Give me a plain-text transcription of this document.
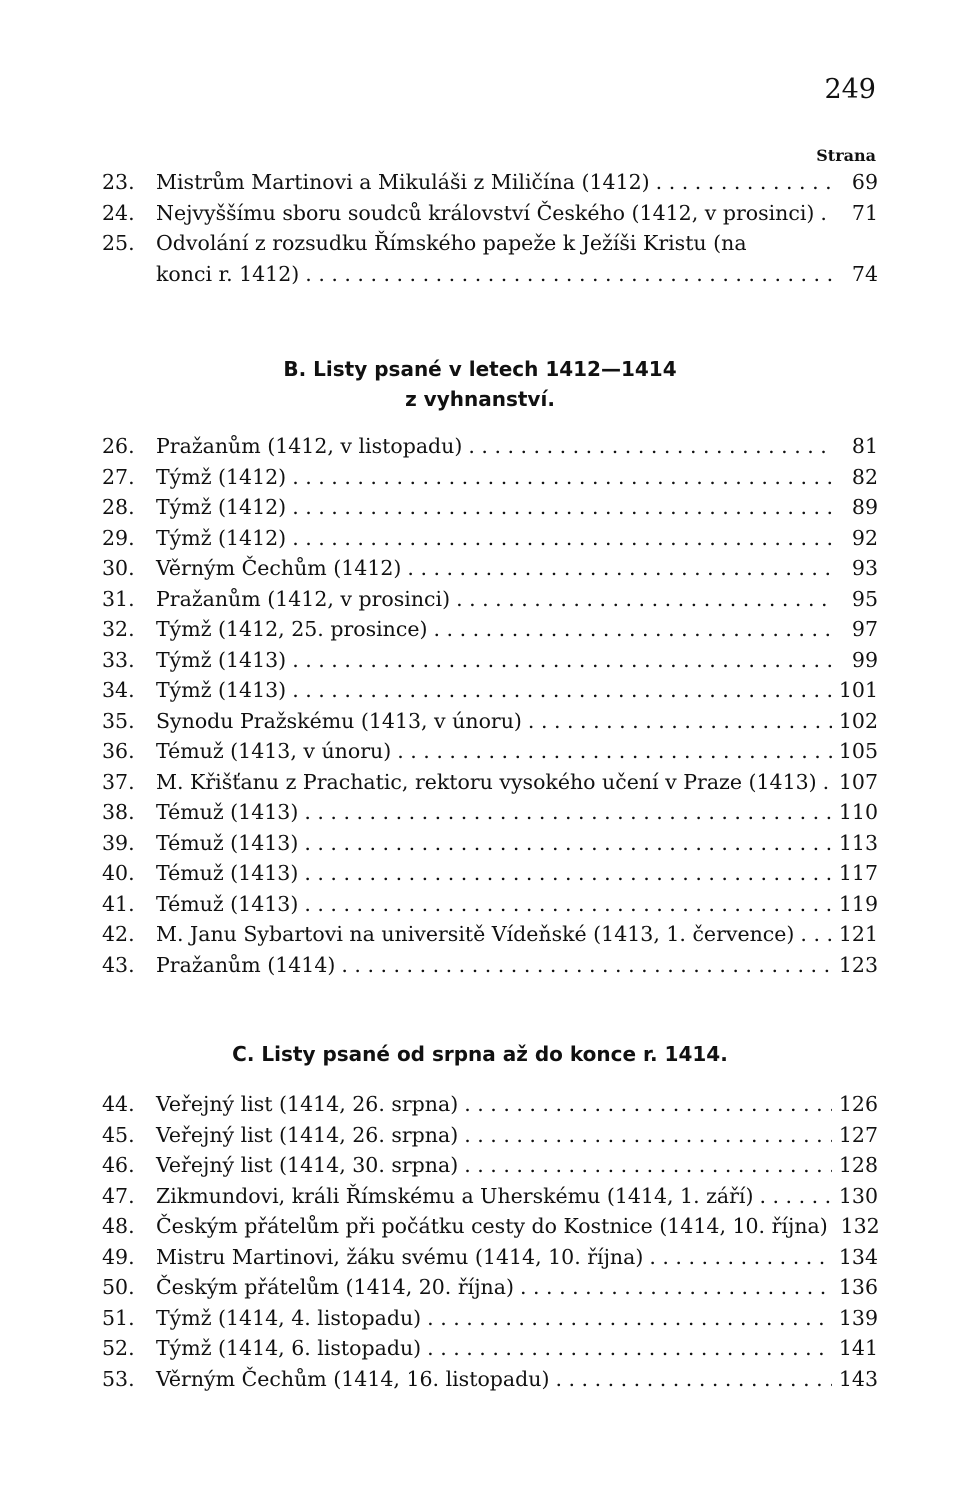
249
Strana
23.	Mistrům Martinovi a Mikuláši z Miličína (1412) . . .	69
24.	Nejvyššímu sboru soudců království Českého (1412, v prosinci) . . .	71
25.	Odvolání z rozsudku Římského papeže k Ježíši Kristu (na
konci r. 1412) . . .	74
B. Listy psané v letech 1412—1414
z vyhnanství.
26.	Pražanům (1412, v listopadu) . . .	81
27.	Týmž (1412) . . .	82
28.	Týmž (1412) . . .	89
29.	Týmž (1412) . . .	92
30.	Věrným Čechům (1412) . . .	93
31.	Pražanům (1412, v prosinci) . . .	95
32.	Týmž (1412, 25. prosince) . . .	97
33.	Týmž (1413) . . .	99
34.	Týmž (1413) . . .	101
35.	Synodu Pražskému (1413, v únoru) . . .	102
36.	Témuž (1413, v únoru) . . .	105
37.	M. Křišťanu z Prachatic, rektoru vysokého učení v Praze (1413) . . .	107
38.	Témuž (1413) . . .	110
39.	Témuž (1413) . . .	113
40.	Témuž (1413) . . .	117
41.	Témuž (1413) . . .	119
42.	M. Janu Sybartovi na universitě Vídeňské (1413, 1. července) . . .	121
43.	Pražanům (1414) . . .	123
C. Listy psané od srpna až do konce r. 1414.
44.	Veřejný list (1414, 26. srpna) . . .	126
45.	Veřejný list (1414, 26. srpna) . . .	127
46.	Veřejný list (1414, 30. srpna) . . .	128
47.	Zikmundovi, králi Římskému a Uherskému (1414, 1. září) . . .	130
48.	Českým přátelům při počátku cesty do Kostnice (1414, 10. října) 132
49.	Mistru Martinovi, žáku svému (1414, 10. října) . . .	134
50.	Českým přátelům (1414, 20. října) . . .	136
51.	Týmž (1414, 4. listopadu) . . .	139
52.	Týmž (1414, 6. listopadu) . . .	141
53.	Věrným Čechům (1414, 16. listopadu) . . .	143
